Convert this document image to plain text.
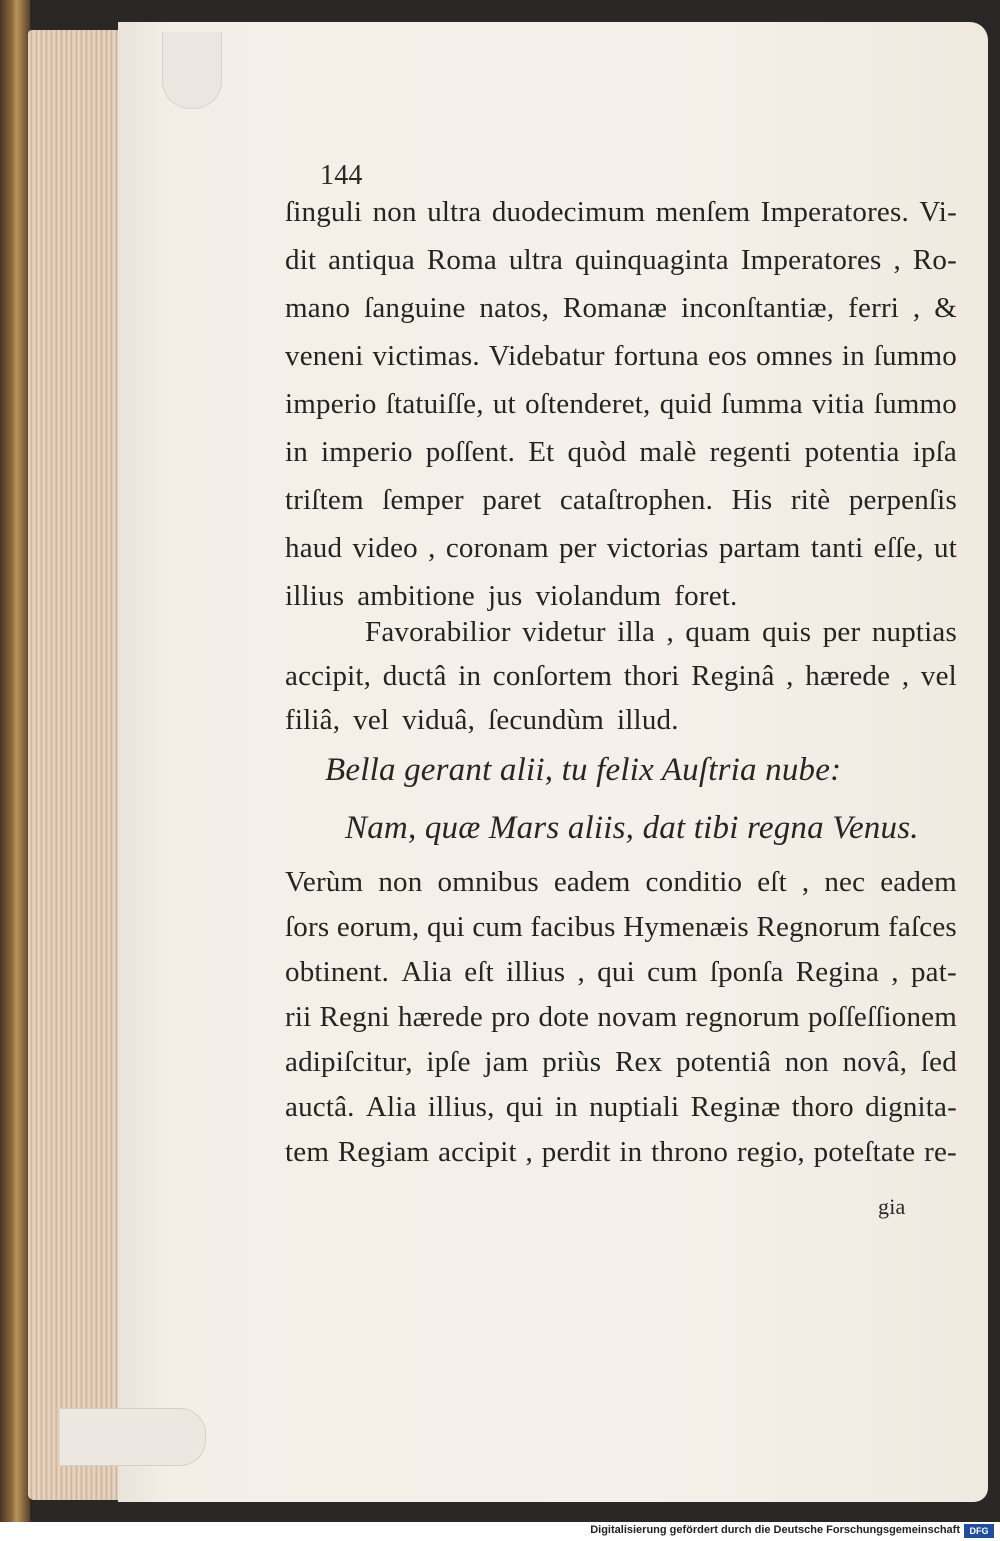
144
ſinguli non ultra duodecimum menſem Imperatores. Vi-
dit antiqua Roma ultra quinquaginta Imperatores , Ro-
mano ſanguine natos, Romanæ inconſtantiæ, ferri , &
veneni victimas. Videbatur fortuna eos omnes in ſummo
imperio ſtatuiſſe, ut oſtenderet, quid ſumma vitia ſummo
in imperio poſſent. Et quòd malè regenti potentia ipſa
triſtem ſemper paret cataſtrophen. His ritè perpenſis
haud video , coronam per victorias partam tanti eſſe, ut
illius ambitione jus violandum foret.
Favorabilior videtur illa , quam quis per nuptias
accipit, ductâ in conſortem thori Reginâ , hærede , vel
filiâ, vel viduâ, ſecundùm illud.
Bella gerant alii, tu felix Auſtria nube:
Nam, quæ Mars aliis, dat tibi regna Venus.
Verùm non omnibus eadem conditio eſt , nec eadem
ſors eorum, qui cum facibus Hymenæis Regnorum faſces
obtinent. Alia eſt illius , qui cum ſponſa Regina , pat-
rii Regni hærede pro dote novam regnorum poſſeſſionem
adipiſcitur, ipſe jam priùs Rex potentiâ non novâ, ſed
auctâ. Alia illius, qui in nuptiali Reginæ thoro dignita-
tem Regiam accipit , perdit in throno regio, poteſtate re-
gia
Digitalisierung gefördert durch die Deutsche Forschungsgemeinschaft	DFG
